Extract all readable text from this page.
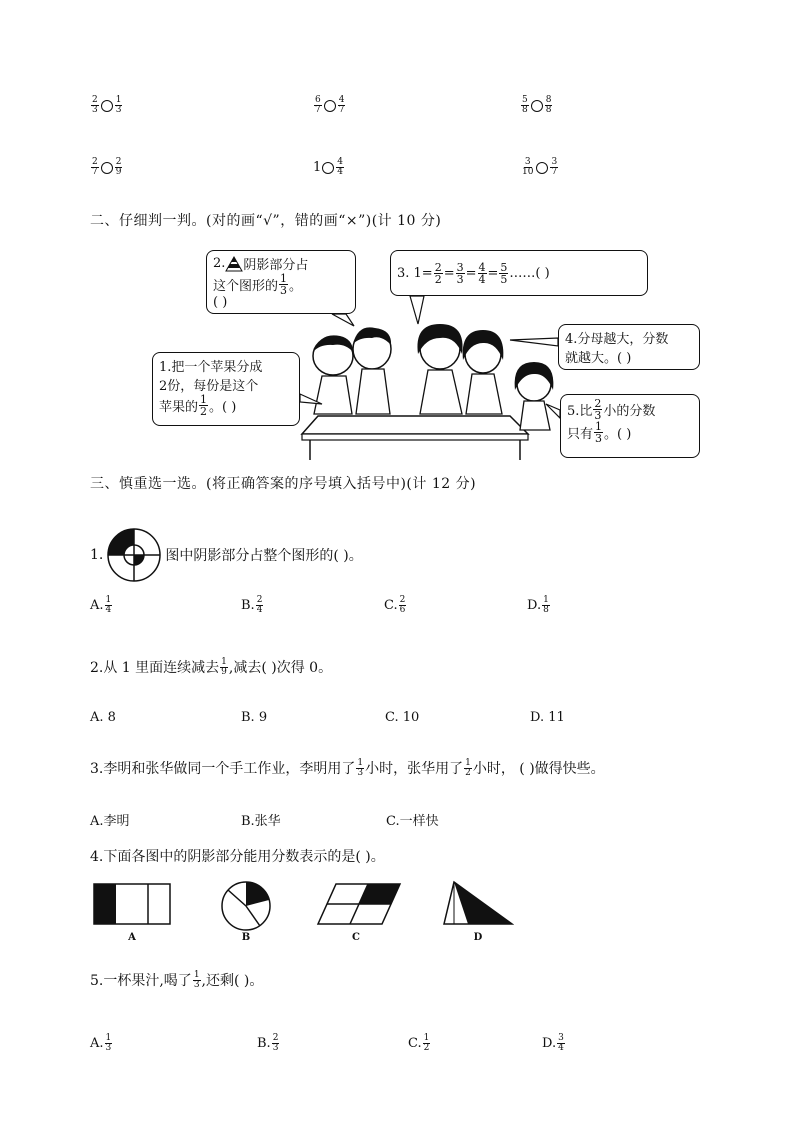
$\frac{2}{3} \frac{1}{3}$	$\frac{6}{7} \frac{4}{7}$	$\frac{5}{8} \frac{8}{8}$
$\frac{2}{7} \frac{2}{9}$	$1 \frac{4}{4}$	$\frac{3}{10} \frac{3}{7}$
二、仔细判一判。(对的画“√”，错的画“×”)(计 10 分)
2. 阴影部分占
这个图形的 $\frac{1}{3}$ 。
( )
3. $1= \frac{2}{2} = \frac{3}{3} = \frac{4}{4} = \frac{5}{5}$ ……( )
4.分母越大，分数
就越大。( )
1.把一个苹果分成
2份，每份是这个
苹果的 $\frac{1}{2}$ 。( )	5.比 $\frac{2}{3}$ 小的分数
只有 $\frac{1}{3}$ 。( )
三、慎重选一选。(将正确答案的序号填入括号中)(计 12 分)
1.	图中阴影部分占整个图形的( )。
A. $\frac{1}{4}$	B. $\frac{2}{4}$	C. $\frac{2}{6}$	D. $\frac{1}{8}$
2.从 1 里面连续减去 $\frac{1}{9}$ ,减去( )次得 0。
A. 8	B. 9	C. 10	D. 11
3.李明和张华做同一个手工作业，李明用了 $\frac{1}{3}$ 小时，张华用了 $\frac{1}{2}$ 小时， ( )做得快些。
A.李明	B.张华	C.一样快
4.下面各图中的阴影部分能用分数表示的是( )。
A	B	C	D
5.一杯果汁,喝了 $\frac{1}{3}$ ,还剩( )。
A. $\frac{1}{3}$	B. $\frac{2}{3}$	C. $\frac{1}{2}$	D. $\frac{3}{4}$
